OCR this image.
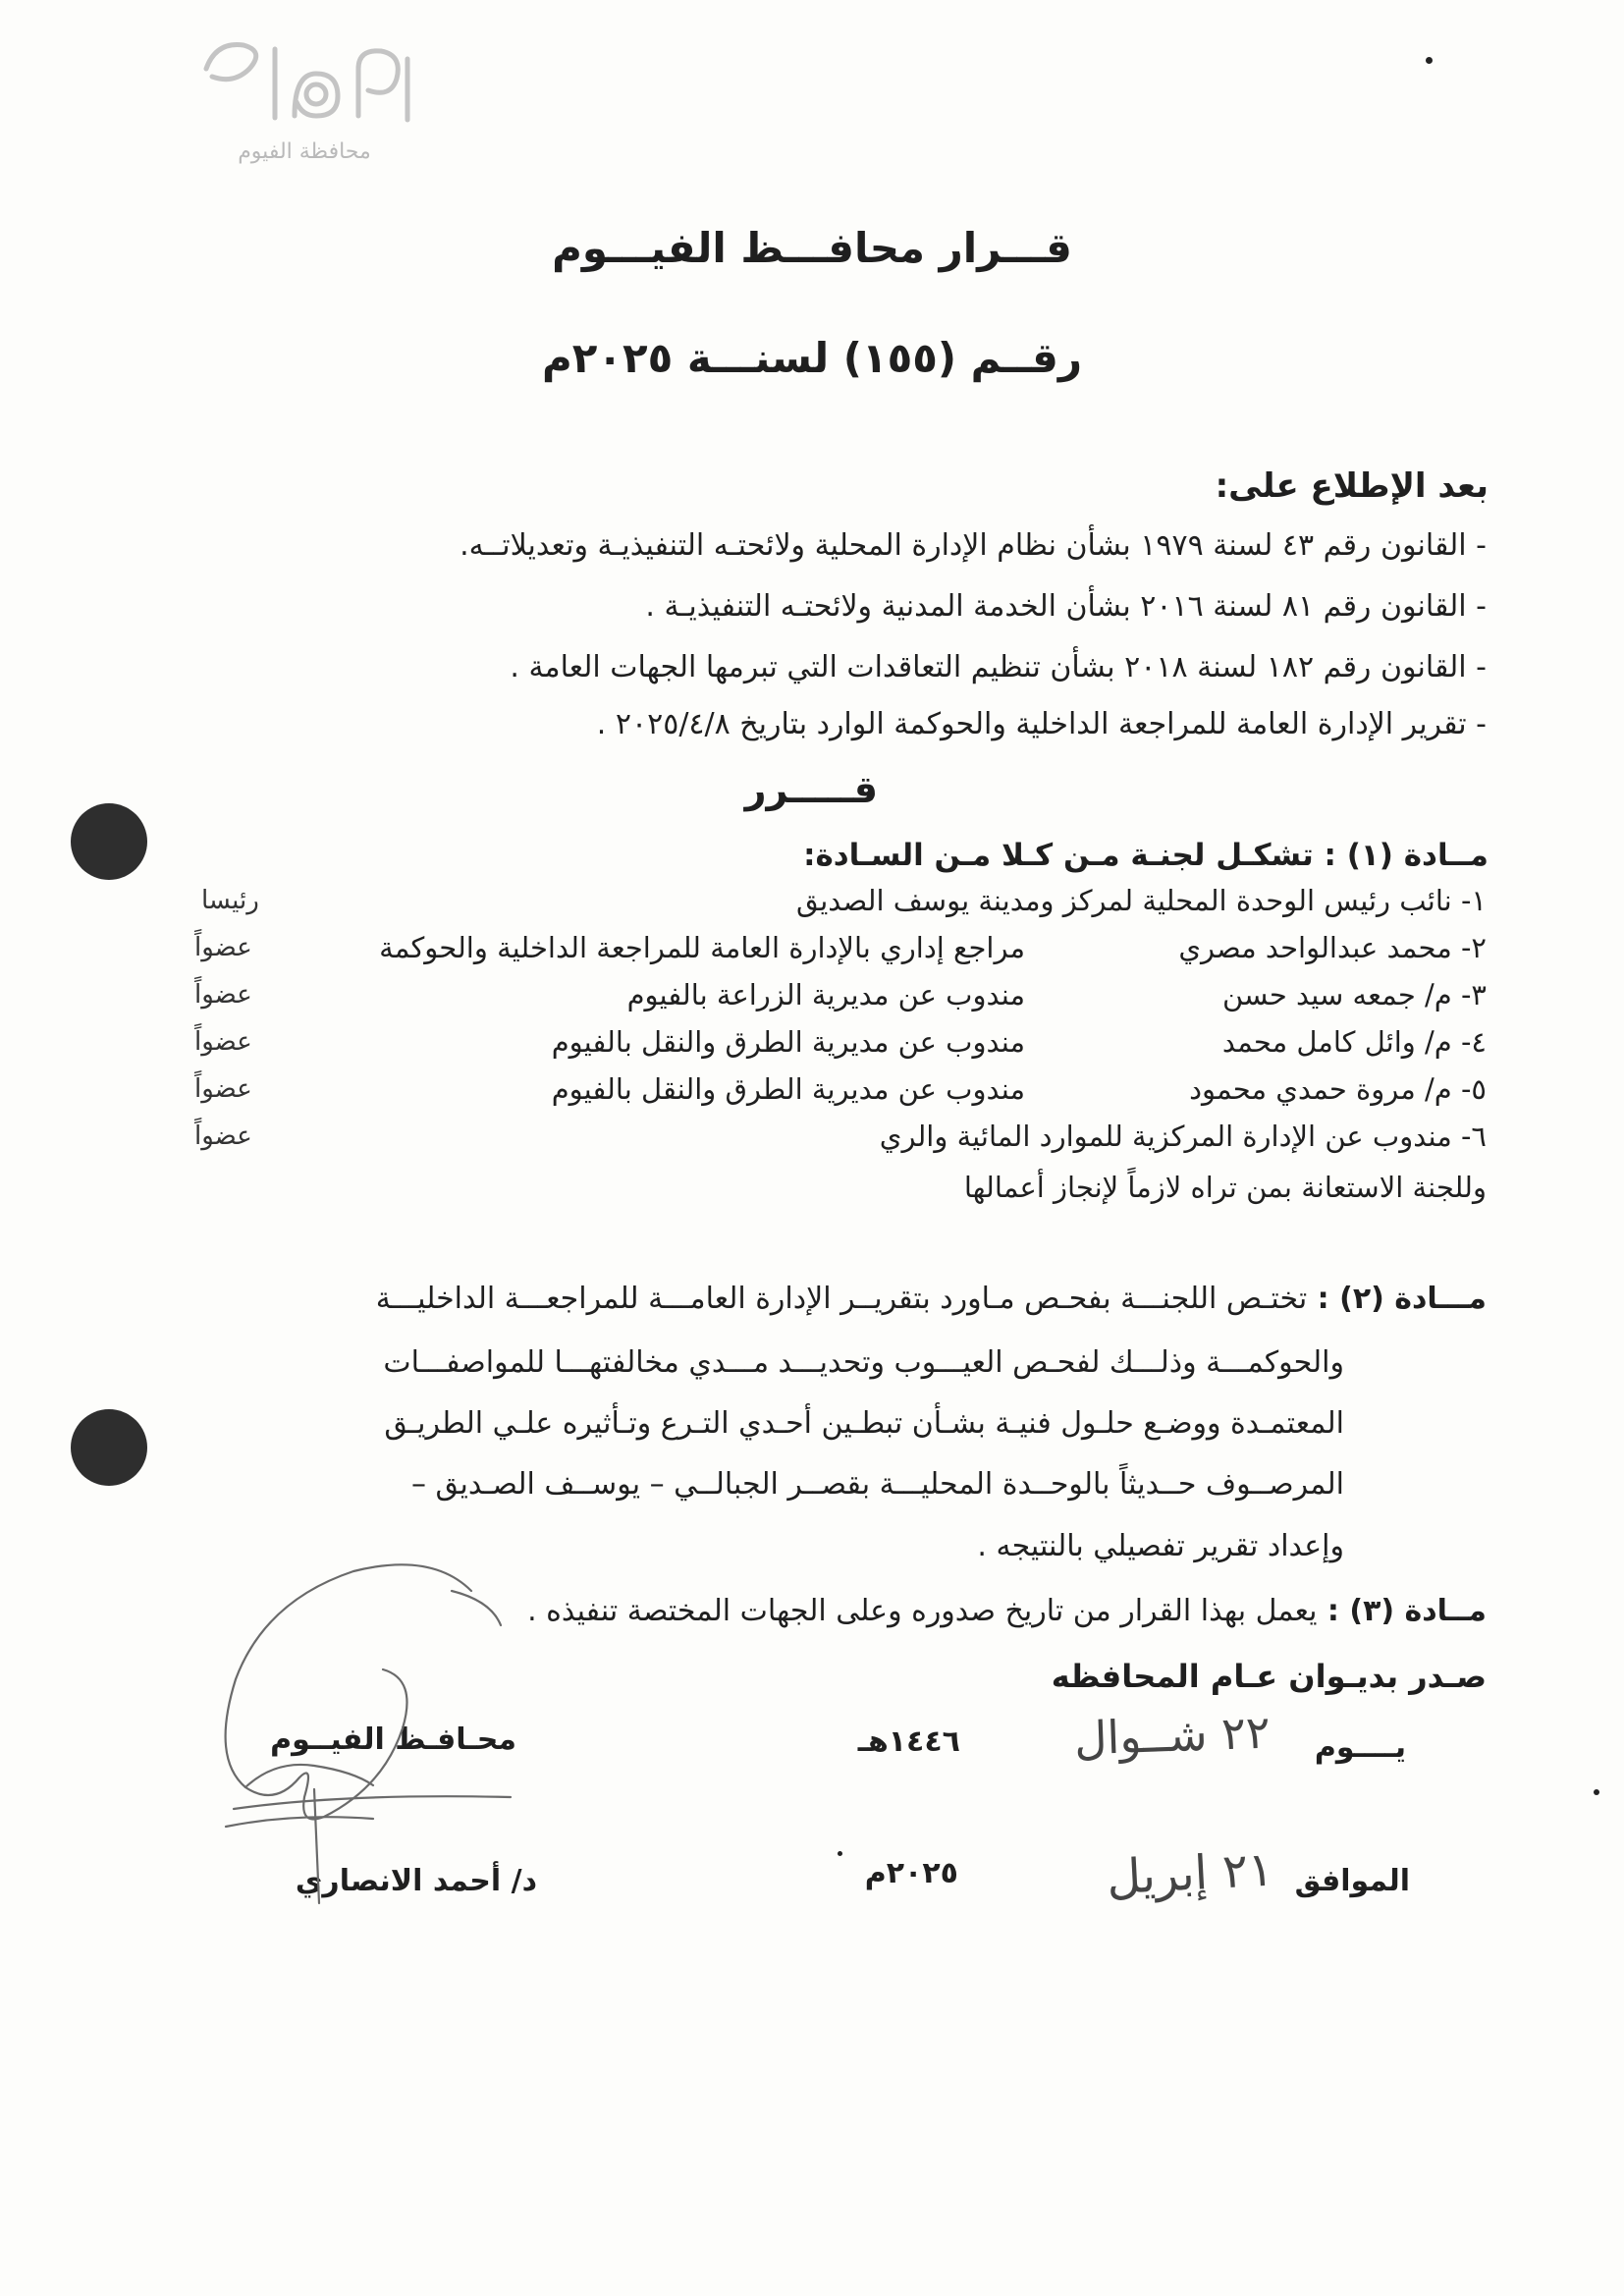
محافظة الفيوم
قـــرار محافـــظ الفيـــوم
رقــم (١٥٥) لسنـــة ٢٠٢٥م
بعد الإطلاع على:
- القانون رقم ٤٣ لسنة ١٩٧٩ بشأن نظام الإدارة المحلية ولائحتـه التنفيذيـة وتعديلاتــه.
- القانون رقم ٨١ لسنة ٢٠١٦ بشأن الخدمة المدنية ولائحتـه التنفيذيـة .
- القانون رقم ١٨٢ لسنة ٢٠١٨ بشأن تنظيم التعاقدات التي تبرمها الجهات العامة .
- تقرير الإدارة العامة للمراجعة الداخلية والحوكمة الوارد بتاريخ ٢٠٢٥/٤/٨ .
قـــــرر
مــادة (١) : تشكـل لجنـة مـن كـلا مـن السـادة:
١- نائب رئيس الوحدة المحلية لمركز ومدينة يوسف الصديق
رئيسا
٢- محمد عبدالواحد مصري
مراجع إداري بالإدارة العامة للمراجعة الداخلية والحوكمة
عضواً
٣- م/ جمعه سيد حسن
مندوب عن مديرية الزراعة بالفيوم
عضواً
٤- م/ وائل كامل محمد
مندوب عن مديرية الطرق والنقل بالفيوم
عضواً
٥- م/ مروة حمدي محمود
مندوب عن مديرية الطرق والنقل بالفيوم
عضواً
٦- مندوب عن الإدارة المركزية للموارد المائية والري
عضواً
وللجنة الاستعانة بمن تراه لازماً لإنجاز أعمالها
مـــادة (٢) : تختـص اللجنـــة بفحـص مـاورد بتقريــر الإدارة العامـــة للمراجعـــة الداخليـــة
والحوكمـــة وذلـــك لفحـص العيـــوب وتحديـــد مـــدي مخالفتهـــا للمواصفـــات
المعتمـدة ووضـع حلـول فنيـة بشـأن تبطـين أحـدي التـرع وتـأثيره علـي الطريـق
المرصــوف حــديثاً بالوحــدة المحليـــة بقصــر الجبالــي – يوســف الصـديق –
وإعداد تقرير تفصيلي بالنتيجه .
مــادة (٣) : يعمل بهذا القرار من تاريخ صدوره وعلى الجهات المختصة تنفيذه .
صـدر بديـوان عـام المحافظه
يــــوم
٢٢ شــوال
١٤٤٦هـ
الموافق
٢١ إبريل
٢٠٢٥م
محـافـظ الفيــوم
د/ أحمد الانصاري
